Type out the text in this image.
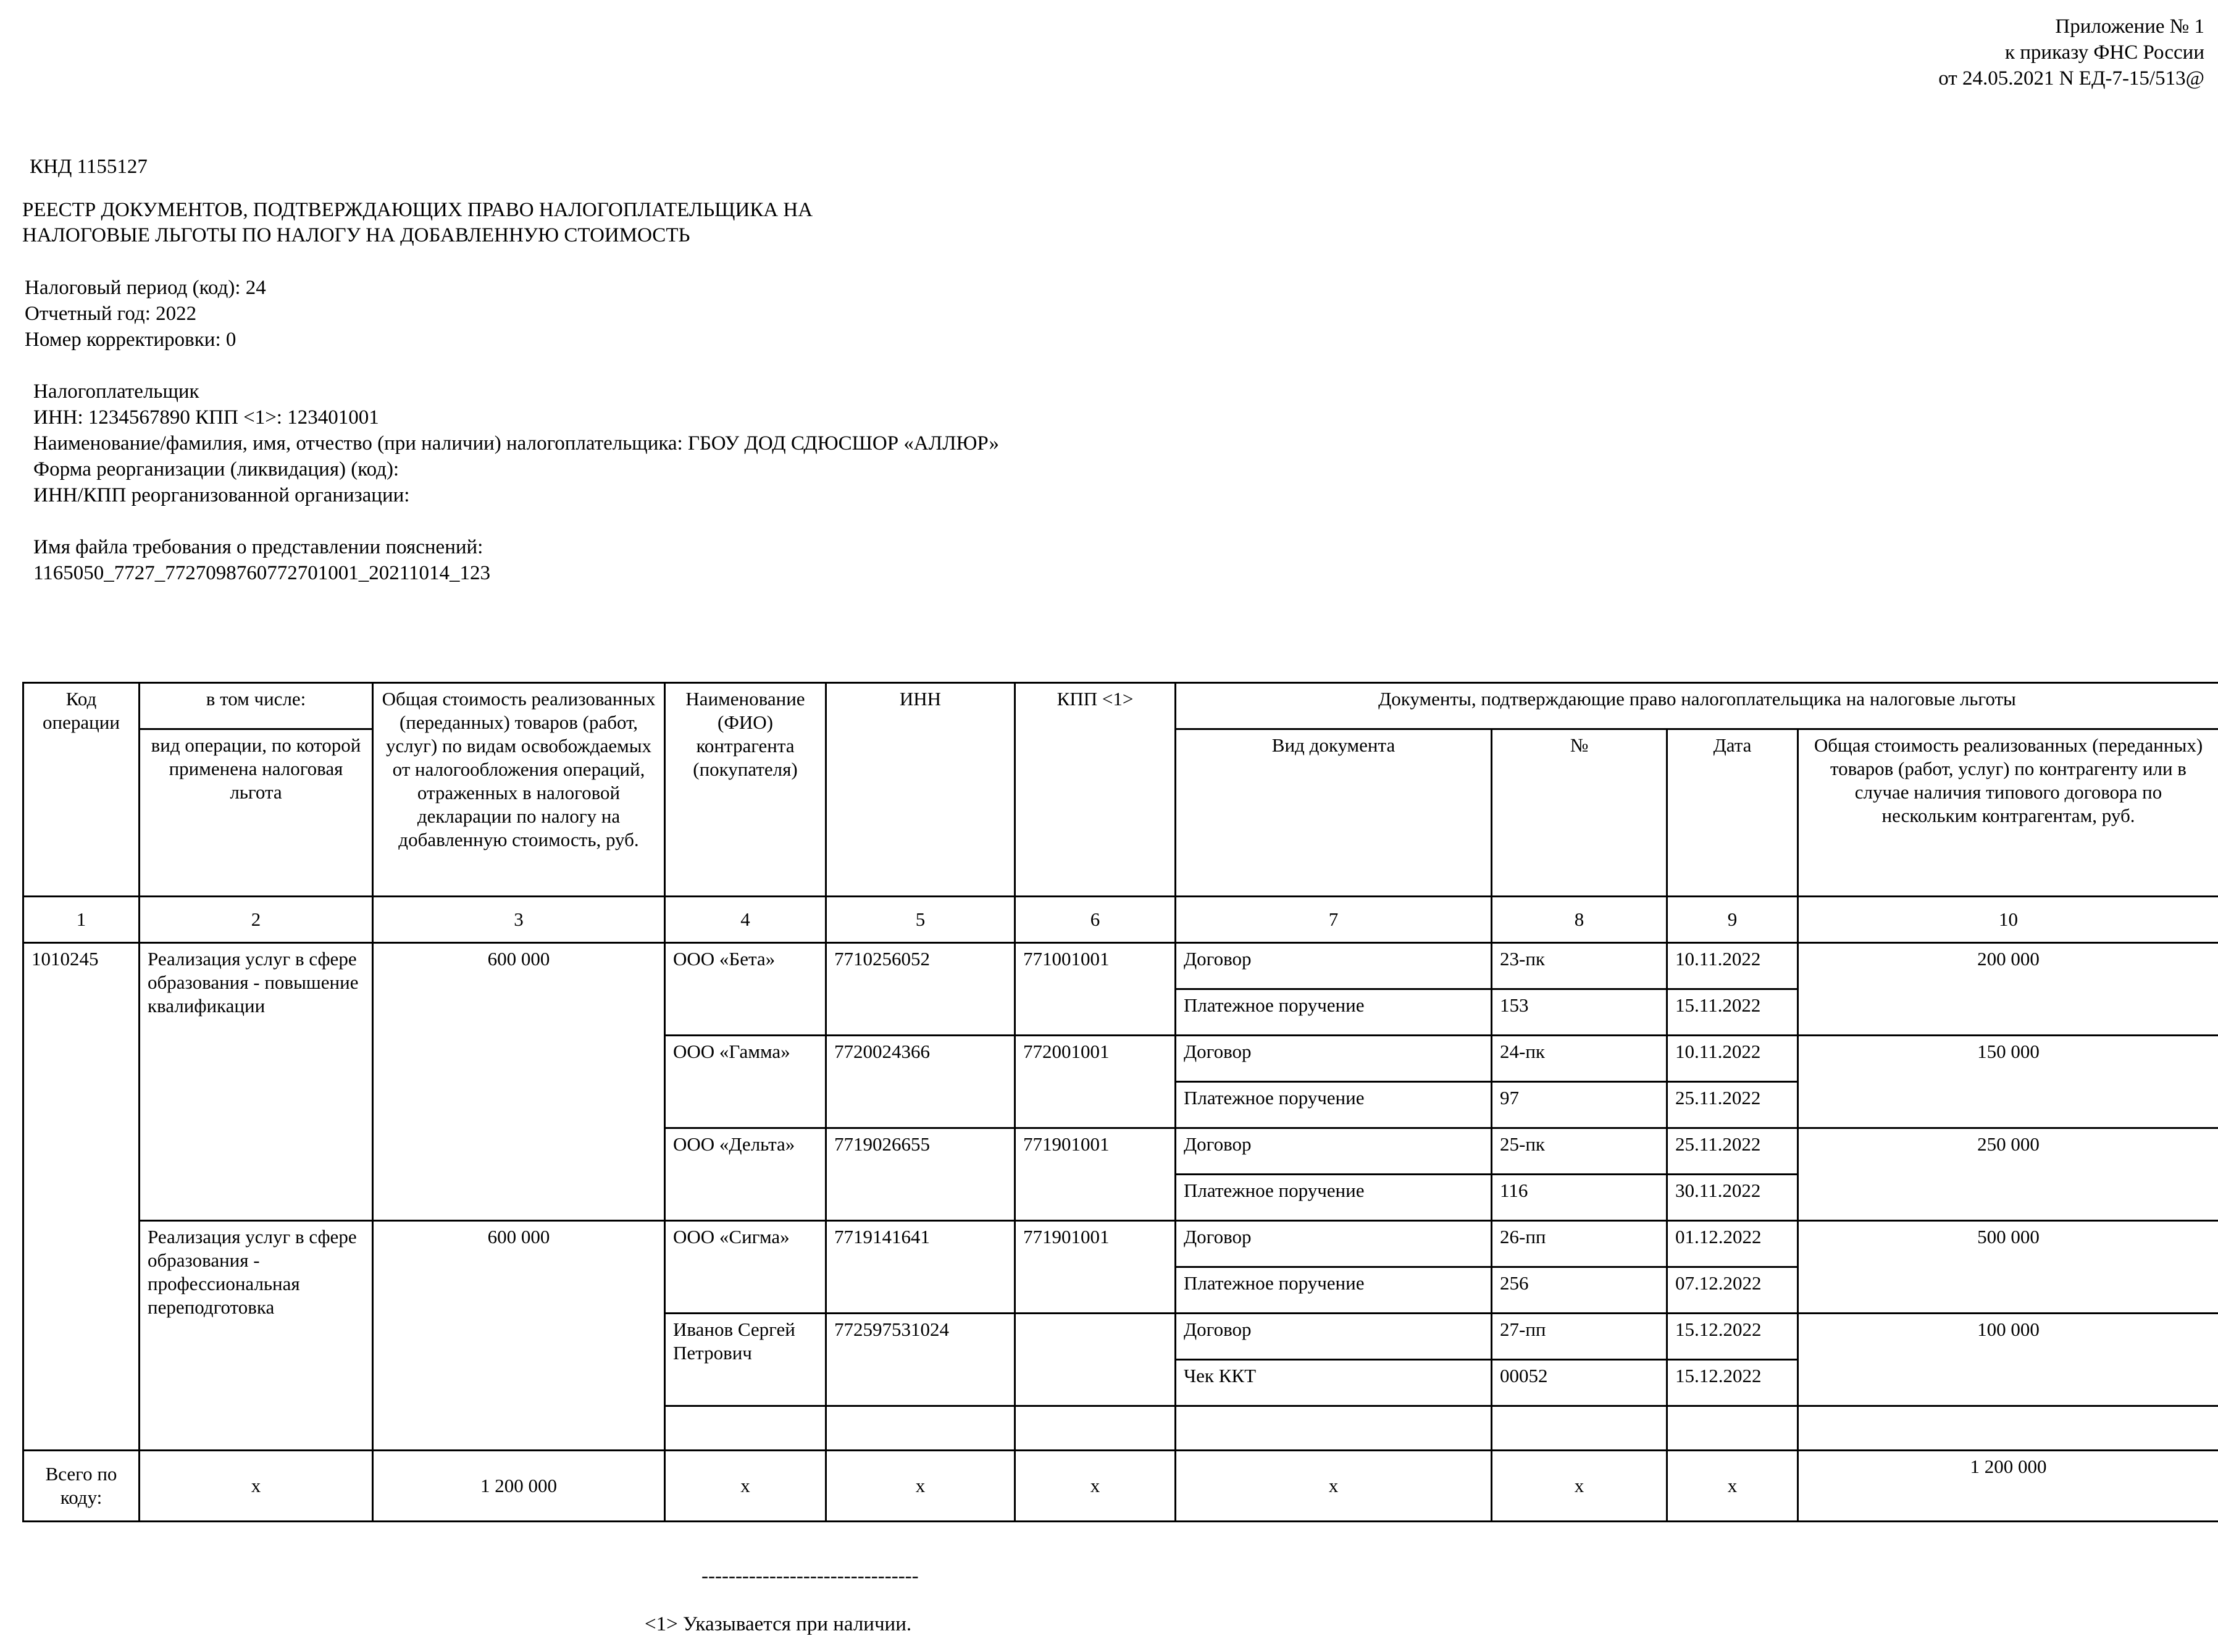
Приложение № 1
к приказу ФНС России
от 24.05.2021 N ЕД-7-15/513@
КНД 1155127
РЕЕСТР ДОКУМЕНТОВ, ПОДТВЕРЖДАЮЩИХ ПРАВО НАЛОГОПЛАТЕЛЬЩИКА НА
НАЛОГОВЫЕ ЛЬГОТЫ ПО НАЛОГУ НА ДОБАВЛЕННУЮ СТОИМОСТЬ
Налоговый период (код): 24
Отчетный год: 2022
Номер корректировки: 0
Налогоплательщик
ИНН: 1234567890 КПП <1>: 123401001
Наименование/фамилия, имя, отчество (при наличии) налогоплательщика: ГБОУ ДОД СДЮСШОР «АЛЛЮР»
Форма реорганизации (ликвидация) (код):
ИНН/КПП реорганизованной организации:
Имя файла требования о представлении пояснений:
1165050_7727_7727098760772701001_20211014_123
Код операции	в том числе:	Общая стоимость реализованных (переданных) товаров (работ, услуг) по видам освобождаемых от налогообложения операций, отраженных в налоговой декларации по налогу на добавленную стоимость, руб.	Наименование (ФИО) контрагента (покупателя)	ИНН	КПП <1>	Документы, подтверждающие право налогоплательщика на налоговые льготы			
	вид операции, по которой применена налоговая льгота					Вид документа	№	Дата	Общая стоимость реализованных (переданных) товаров (работ, услуг) по контрагенту или в случае наличия типового договора по нескольким контрагентам, руб.
1	2	3	4	5	6	7	8	9	10
1010245	Реализация услуг в сфере образования - повышение квалификации	600 000	ООО «Бета»	7710256052	771001001	Договор	23-пк	10.11.2022	200 000
						Платежное поручение	153	15.11.2022	
			ООО «Гамма»	7720024366	772001001	Договор	24-пк	10.11.2022	150 000
						Платежное поручение	97	25.11.2022	
			ООО «Дельта»	7719026655	771901001	Договор	25-пк	25.11.2022	250 000
						Платежное поручение	116	30.11.2022	
	Реализация услуг в сфере образования - профессиональная переподготовка	600 000	ООО «Сигма»	7719141641	771901001	Договор	26-пп	01.12.2022	500 000
						Платежное поручение	256	07.12.2022	
			Иванов Сергей Петрович	772597531024		Договор	27-пп	15.12.2022	100 000
						Чек ККТ	00052	15.12.2022	

Всего по коду:	х	1 200 000	х	х	х	х	х	х	1 200 000
--------------------------------
<1> Указывается при наличии.
